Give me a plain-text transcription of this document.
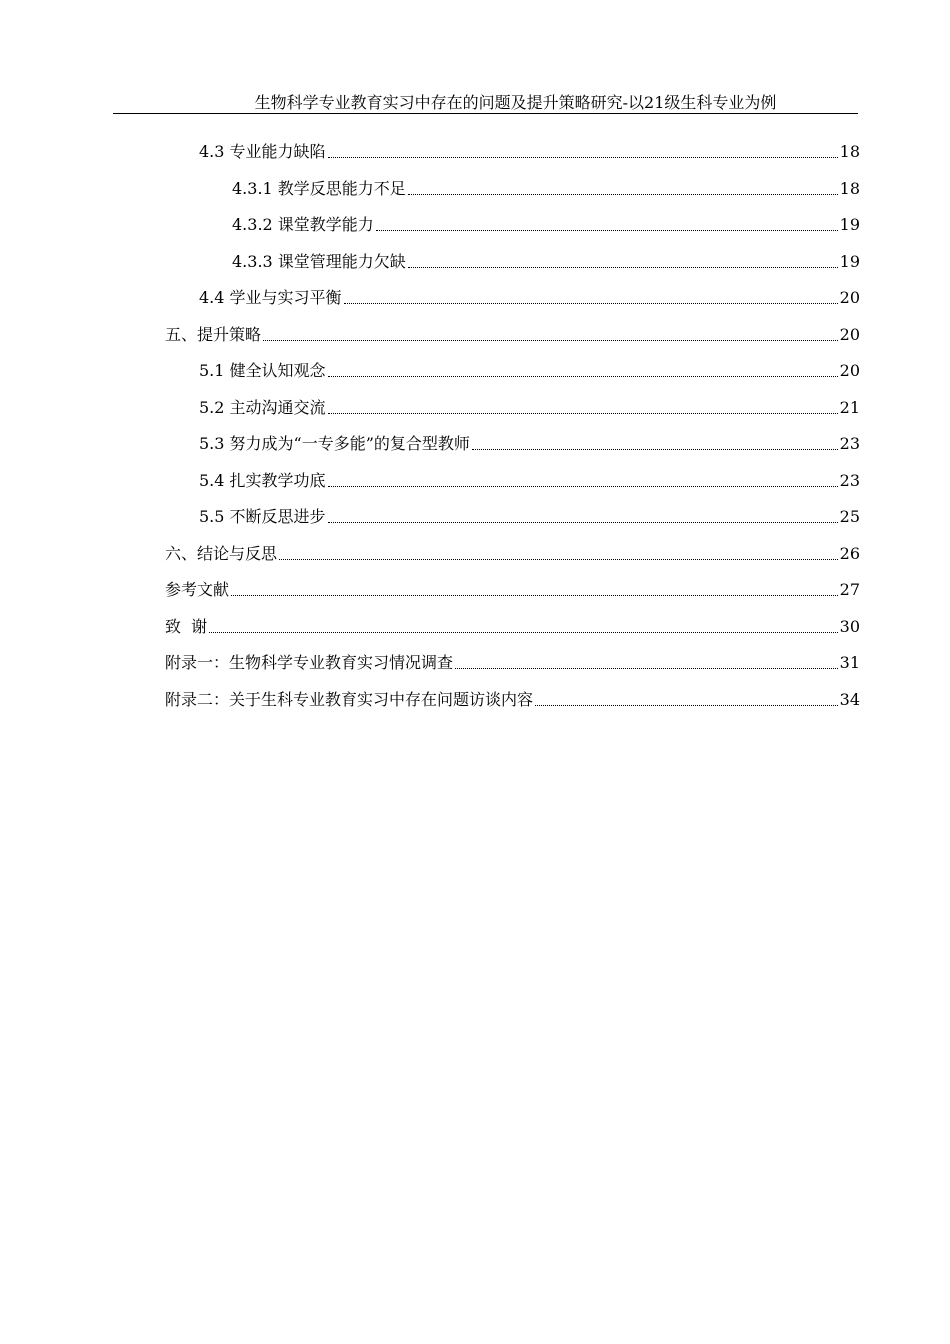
生物科学专业教育实习中存在的问题及提升策略研究-以21级生科专业为例
4.3 专业能力缺陷	18
4.3.1 教学反思能力不足	18
4.3.2 课堂教学能力	19
4.3.3 课堂管理能力欠缺	19
4.4 学业与实习平衡	20
五、提升策略	20
5.1 健全认知观念	20
5.2 主动沟通交流	21
5.3 努力成为“一专多能”的复合型教师	23
5.4 扎实教学功底	23
5.5 不断反思进步	25
六、结论与反思	26
参考文献	27
致  谢	30
附录一：生物科学专业教育实习情况调查	31
附录二：关于生科专业教育实习中存在问题访谈内容	34
